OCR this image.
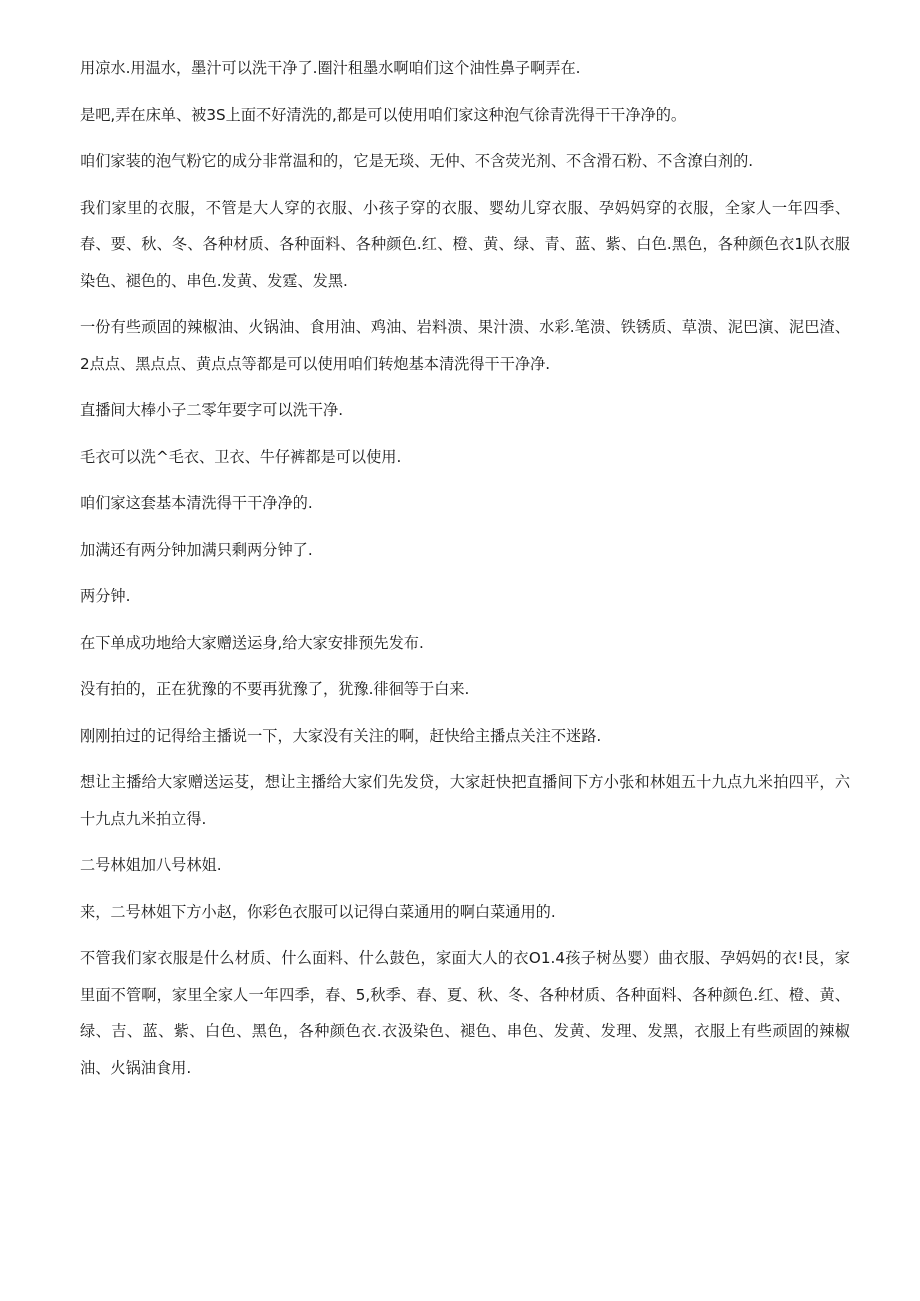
用凉水.用温水，墨汁可以洗干净了.圈汁租墨水啊咱们这个油性鼻子啊弄在.

是吧,弄在床单、被3S上面不好清洗的,都是可以使用咱们家这种泡气徐青洗得干干净净的。

咱们家装的泡气粉它的成分非常温和的，它是无琰、无仲、不含荧光剂、不含滑石粉、不含潦白剂的.

我们家里的衣服，不管是大人穿的衣服、小孩子穿的衣服、婴幼儿穿衣服、孕妈妈穿的衣服，全家人一年四季、春、要、秋、冬、各种材质、各种面料、各种颜色.红、橙、黄、绿、青、蓝、紫、白色.黑色，各种颜色衣1队衣服染色、褪色的、串色.发黄、发霆、发黑.

一份有些顽固的辣椒油、火锅油、食用油、鸡油、岩料溃、果汁溃、水彩.笔溃、铁锈质、草溃、泥巴演、泥巴渣、2点点、黑点点、黄点点等都是可以使用咱们转炮基本清洗得干干净净.

直播间大棒小子二零年要字可以洗干净.

毛衣可以洗^毛衣、卫衣、牛仔裤都是可以使用.

咱们家这套基本清洗得干干净净的.

加满还有两分钟加满只剩两分钟了.

两分钟.

在下单成功地给大家赠送运身,给大家安排预先发布.

没有拍的，正在犹豫的不要再犹豫了，犹豫.徘徊等于白来.

刚刚拍过的记得给主播说一下，大家没有关注的啊，赶快给主播点关注不迷路.

想让主播给大家赠送运芟，想让主播给大家们先发贷，大家赶快把直播间下方小张和林姐五十九点九米拍四平，六十九点九米拍立得.

二号林姐加八号林姐.

来，二号林姐下方小赵，你彩色衣服可以记得白菜通用的啊白菜通用的.

不管我们家衣服是什么材质、什么面料、什么鼓色，家面大人的衣O1.4孩子树丛婴）曲衣服、孕妈妈的衣!艮，家里面不管啊，家里全家人一年四季，春、5,秋季、春、夏、秋、冬、各种材质、各种面料、各种颜色.红、橙、黄、绿、吉、蓝、紫、白色、黑色，各种颜色衣.衣汲染色、褪色、串色、发黄、发理、发黑，衣服上有些顽固的辣椒油、火锅油食用.
